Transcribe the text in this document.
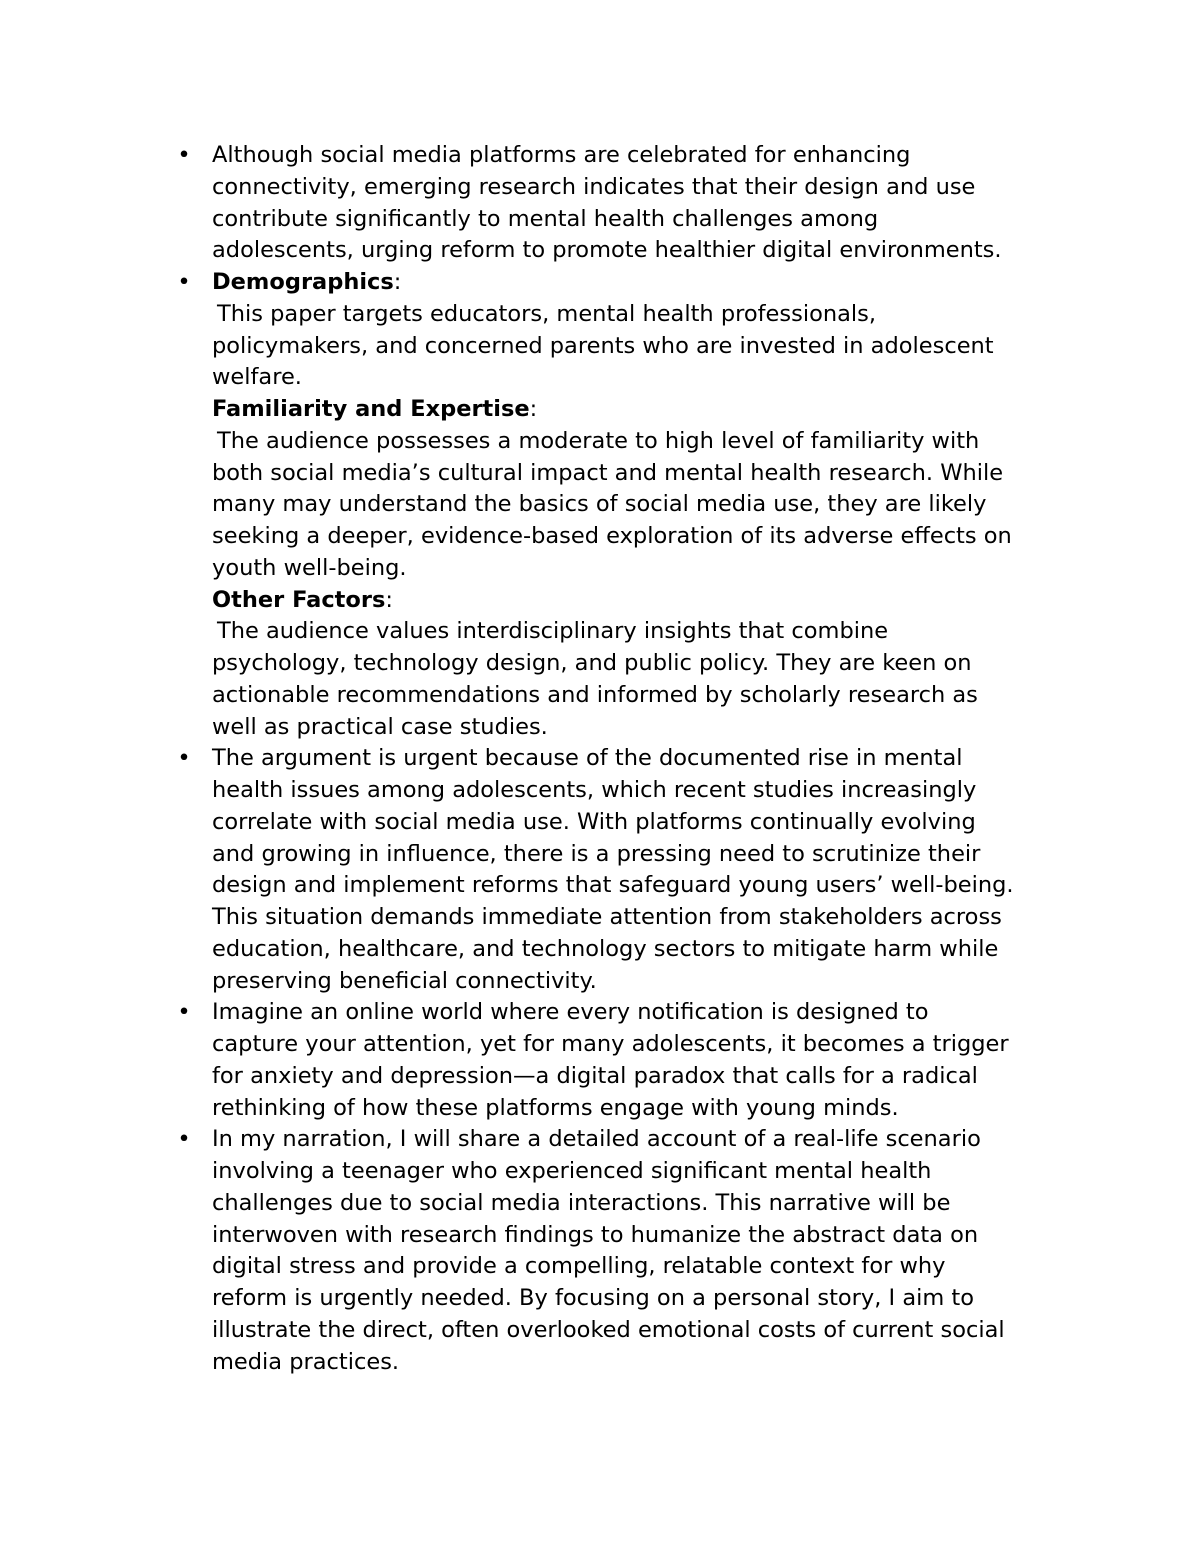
• Although social media platforms are celebrated for enhancing
connectivity, emerging research indicates that their design and use
contribute significantly to mental health challenges among
adolescents, urging reform to promote healthier digital environments.
• Demographics:
This paper targets educators, mental health professionals,
policymakers, and concerned parents who are invested in adolescent
welfare.
Familiarity and Expertise:
The audience possesses a moderate to high level of familiarity with
both social media’s cultural impact and mental health research. While
many may understand the basics of social media use, they are likely
seeking a deeper, evidence-based exploration of its adverse effects on
youth well-being.
Other Factors:
The audience values interdisciplinary insights that combine
psychology, technology design, and public policy. They are keen on
actionable recommendations and informed by scholarly research as
well as practical case studies.
• The argument is urgent because of the documented rise in mental
health issues among adolescents, which recent studies increasingly
correlate with social media use. With platforms continually evolving
and growing in influence, there is a pressing need to scrutinize their
design and implement reforms that safeguard young users’ well-being.
This situation demands immediate attention from stakeholders across
education, healthcare, and technology sectors to mitigate harm while
preserving beneficial connectivity.
• Imagine an online world where every notification is designed to
capture your attention, yet for many adolescents, it becomes a trigger
for anxiety and depression—a digital paradox that calls for a radical
rethinking of how these platforms engage with young minds.
• In my narration, I will share a detailed account of a real-life scenario
involving a teenager who experienced significant mental health
challenges due to social media interactions. This narrative will be
interwoven with research findings to humanize the abstract data on
digital stress and provide a compelling, relatable context for why
reform is urgently needed. By focusing on a personal story, I aim to
illustrate the direct, often overlooked emotional costs of current social
media practices.
